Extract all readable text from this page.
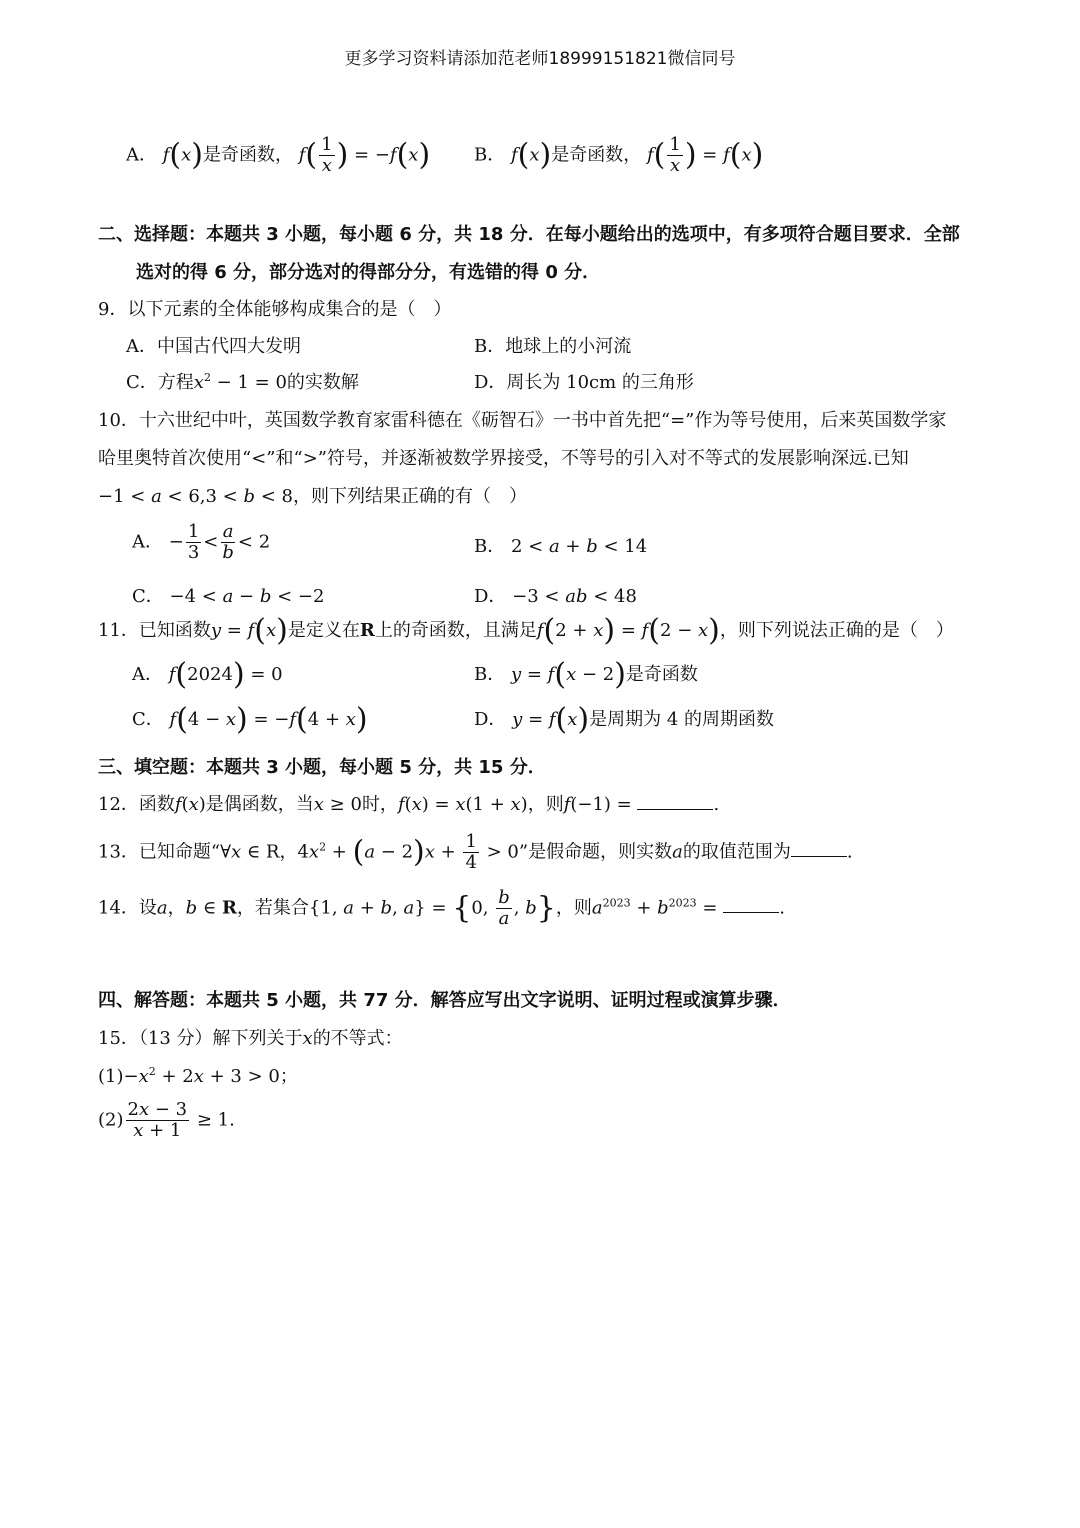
更多学习资料请添加范老师18999151821微信同号
A． f(x)是奇函数， $f( \frac{1}{x}$ ) = −f(x) B． f(x)是奇函数， $f( \frac{1}{x}$ ) = f(x)
二、选择题：本题共 3 小题，每小题 6 分，共 18 分．在每小题给出的选项中，有多项符合题目要求．全部
选对的得 6 分，部分选对的得部分分，有选错的得 0 分．
9．以下元素的全体能够构成集合的是（　）
A．中国古代四大发明	B．地球上的小河流
C．方程$x^2 - 1 = 0$的实数解	D．周长为 10cm 的三角形
10．十六世纪中叶，英国数学教育家雷科德在《砺智石》一书中首先把“=”作为等号使用，后来英国数学家
哈里奥特首次使用“<”和“>”符号，并逐渐被数学界接受，不等号的引入对不等式的发展影响深远.已知
−1 < a < 6,3 < b < 8，则下列结果正确的有（　）
A． − $\frac{1}{3} < \frac{a}{b} < 2$	B． 2 < a + b < 14
C． −4 < a − b < −2	D． −3 < ab < 48
11．已知函数y = f(x)是定义在R上的奇函数，且满足f(2 + x) = f(2 − x)，则下列说法正确的是（　）
A． f(2024) = 0	B． y = f(x − 2)是奇函数
C． f(4 − x) = −f(4 + x)	D． y = f(x)是周期为 4 的周期函数
三、填空题：本题共 3 小题，每小题 5 分，共 15 分．
12．函数f(x)是偶函数，当x ≥ 0时，f(x) = x(1 + x)，则f(−1) =	.
13．已知命题“∀x ∈ R，$4x^2 + (a - 2)x + \frac{1}{4} > 0$”是假命题，则实数a的取值范围为	.
14．设a，b ∈ R，若集合{1, a + b, a} = {0, $\frac{b}{a}$ , b}，则$a^{2023} + b^{2023}$ =	.
四、解答题：本题共 5 小题，共 77 分．解答应写出文字说明、证明过程或演算步骤．
15．（13 分）解下列关于x的不等式：
$(1)-x^2 + 2x + 3 > 0$；
$(2) \frac{2x - 3}{x + 1} \ge 1$.
